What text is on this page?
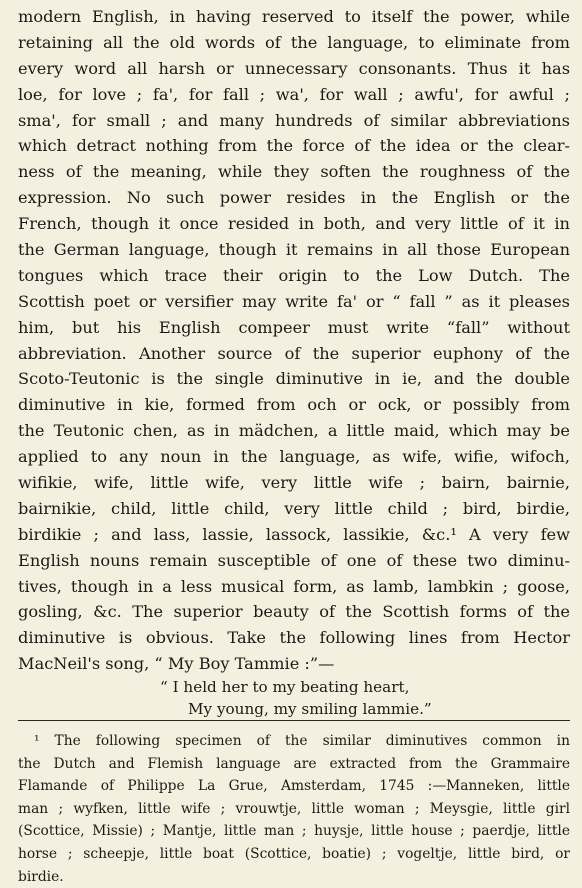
modern English, in having reserved to itself the power, while
retaining all the old words of the language, to eliminate from
every word all harsh or unnecessary consonants. Thus it has
loe, for love ; fa', for fall ; wa', for wall ; awfu', for awful ;
sma', for small ; and many hundreds of similar abbreviations
which detract nothing from the force of the idea or the clear-
ness of the meaning, while they soften the roughness of the
expression. No such power resides in the English or the
French, though it once resided in both, and very little of it in
the German language, though it remains in all those European
tongues which trace their origin to the Low Dutch. The
Scottish poet or versifier may write fa' or “ fall ” as it pleases
him, but his English compeer must write “fall” without
abbreviation. Another source of the superior euphony of the
Scoto-Teutonic is the single diminutive in ie, and the double
diminutive in kie, formed from och or ock, or possibly from
the Teutonic chen, as in mädchen, a little maid, which may be
applied to any noun in the language, as wife, wifie, wifoch,
wifikie, wife, little wife, very little wife ; bairn, bairnie,
bairnikie, child, little child, very little child ; bird, birdie,
birdikie ; and lass, lassie, lassock, lassikie, &c.¹ A very few
English nouns remain susceptible of one of these two diminu-
tives, though in a less musical form, as lamb, lambkin ; goose,
gosling, &c. The superior beauty of the Scottish forms of the
diminutive is obvious. Take the following lines from Hector
MacNeil's song, “ My Boy Tammie :”—
“ I held her to my beating heart,
My young, my smiling lammie.”
¹ The following specimen of the similar diminutives common in
the Dutch and Flemish language are extracted from the Grammaire
Flamande of Philippe La Grue, Amsterdam, 1745 :—Manneken, little
man ; wyfken, little wife ; vrouwtje, little woman ; Meysgie, little girl
(Scottice, Missie) ; Mantje, little man ; huysje, little house ; paerdje, little
horse ; scheepje, little boat (Scottice, boatie) ; vogeltje, little bird, or
birdie.
